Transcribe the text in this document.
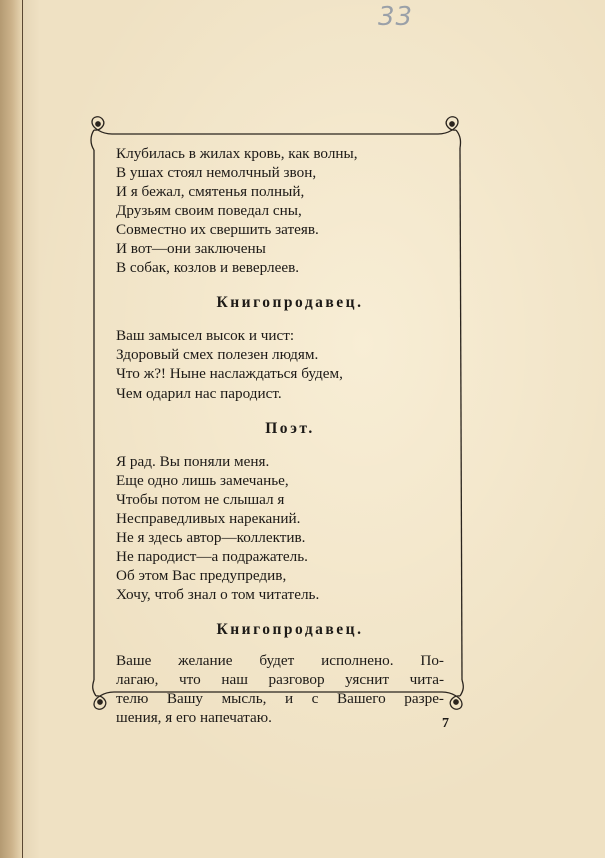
33
Клубилась в жилах кровь, как волны,
В ушах стоял немолчный звон,
И я бежал, смятенья полный,
Друзьям своим поведал сны,
Совместно их свершить затеяв.
И вот—они заключены
В собак, козлов и веверлеев.
Книгопродавец.
Ваш замысел высок и чист:
Здоровый смех полезен людям.
Что ж?! Ныне наслаждаться будем,
Чем одарил нас пародист.
Поэт.
Я рад. Вы поняли меня.
Еще одно лишь замечанье,
Чтобы потом не слышал я
Несправедливых нареканий.
Не я здесь автор—коллектив.
Не пародист—а подражатель.
Об этом Вас предупредив,
Хочу, чтоб знал о том читатель.
Книгопродавец.
Ваше желание будет исполнено. По-
лагаю, что наш разговор уяснит чита-
телю Вашу мысль, и с Вашего разре-
шения, я его напечатаю.	7
